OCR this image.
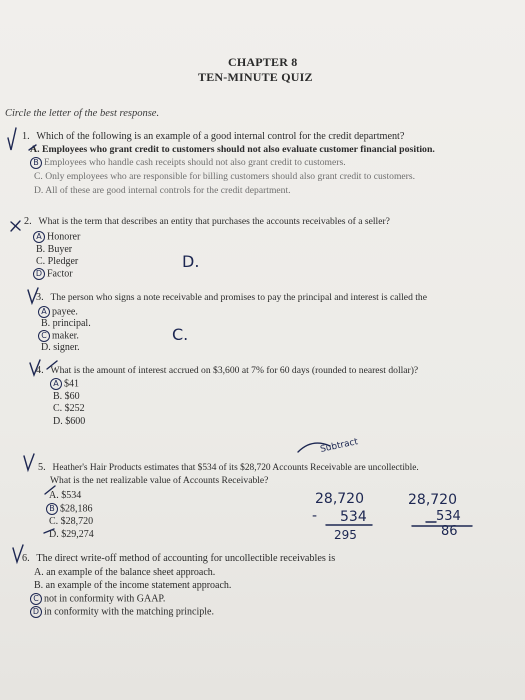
CHAPTER 8
TEN-MINUTE QUIZ
Circle the letter of the best response.
1. Which of the following is an example of a good internal control for the credit department?
A. Employees who grant credit to customers should not also evaluate customer financial position.
B Employees who handle cash receipts should not also grant credit to customers.
C. Only employees who are responsible for billing customers should also grant credit to customers.
D. All of these are good internal controls for the credit department.
2. What is the term that describes an entity that purchases the accounts receivables of a seller?
A Honorer
B. Buyer
C. Pledger
D Factor
D.
3. The person who signs a note receivable and promises to pay the principal and interest is called the
A payee.
B. principal.
C maker.
D. signer.
C.
4. What is the amount of interest accrued on $3,600 at 7% for 60 days (rounded to nearest dollar)?
A $41
B. $60
C. $252
D. $600
Subtract
5. Heather's Hair Products estimates that $534 of its $28,720 Accounts Receivable are uncollectible.
What is the net realizable value of Accounts Receivable?
A. $534
B $28,186
C. $28,720
D. $29,274
28,720
- 534
295
28,720
534
86
6. The direct write-off method of accounting for uncollectible receivables is
A. an example of the balance sheet approach.
B. an example of the income statement approach.
C not in conformity with GAAP.
D in conformity with the matching principle.
